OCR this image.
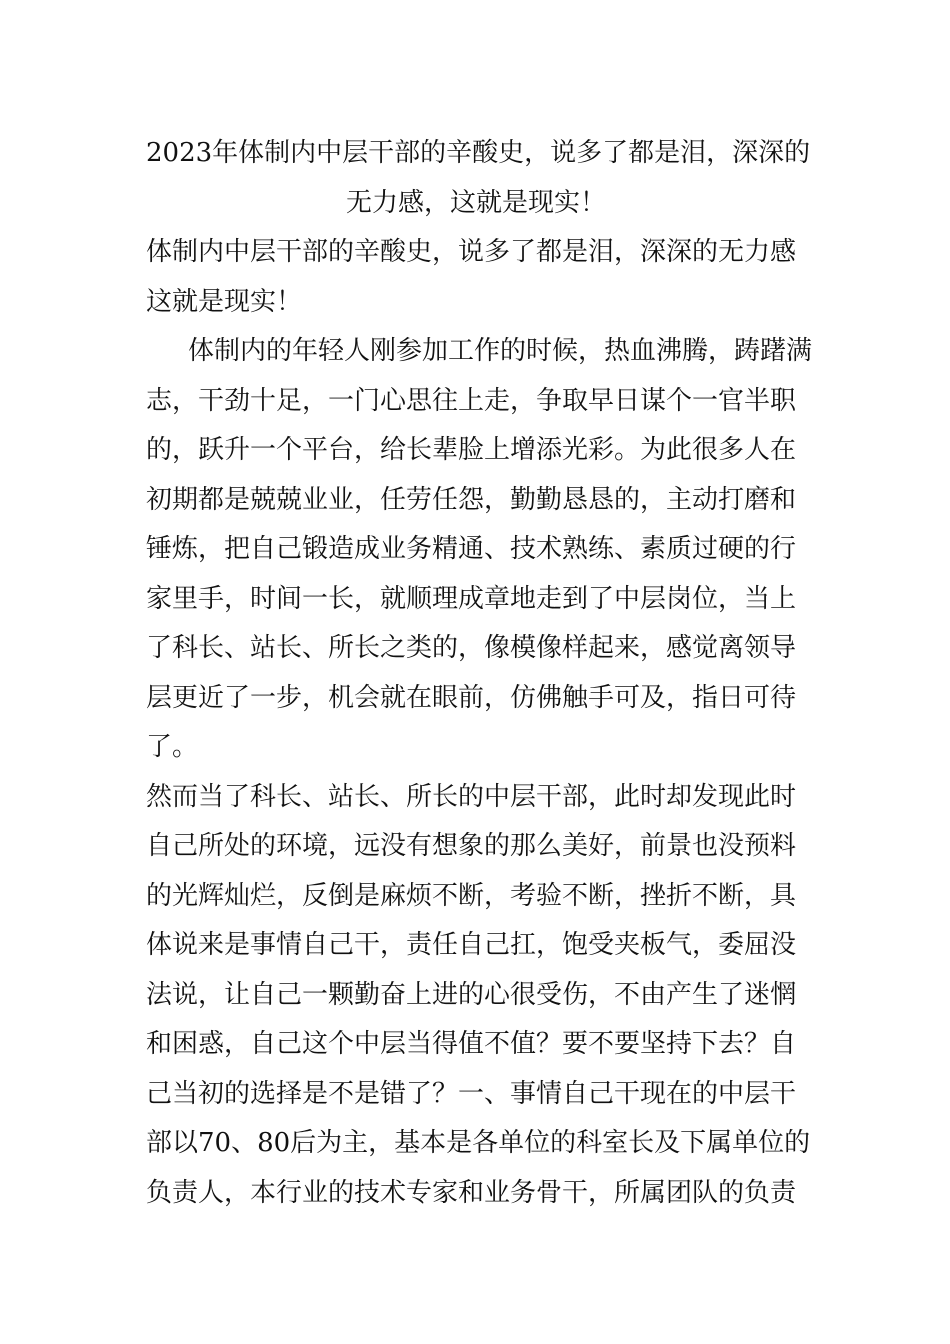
2023年体制内中层干部的辛酸史，说多了都是泪，深深的
无力感，这就是现实！

体制内中层干部的辛酸史，说多了都是泪，深深的无力感
这就是现实！

体制内的年轻人刚参加工作的时候，热血沸腾，踌躇满
志，干劲十足，一门心思往上走，争取早日谋个一官半职
的，跃升一个平台，给长辈脸上增添光彩。为此很多人在
初期都是兢兢业业，任劳任怨，勤勤恳恳的，主动打磨和
锤炼，把自己锻造成业务精通、技术熟练、素质过硬的行
家里手，时间一长，就顺理成章地走到了中层岗位，当上
了科长、站长、所长之类的，像模像样起来，感觉离领导
层更近了一步，机会就在眼前，仿佛触手可及，指日可待
了。

然而当了科长、站长、所长的中层干部，此时却发现此时
自己所处的环境，远没有想象的那么美好，前景也没预料
的光辉灿烂，反倒是麻烦不断，考验不断，挫折不断，具
体说来是事情自己干，责任自己扛，饱受夹板气，委屈没
法说，让自己一颗勤奋上进的心很受伤，不由产生了迷惘
和困惑，自己这个中层当得值不值？要不要坚持下去？自
己当初的选择是不是错了？一、事情自己干现在的中层干
部以70、80后为主，基本是各单位的科室长及下属单位的
负责人，本行业的技术专家和业务骨干，所属团队的负责
